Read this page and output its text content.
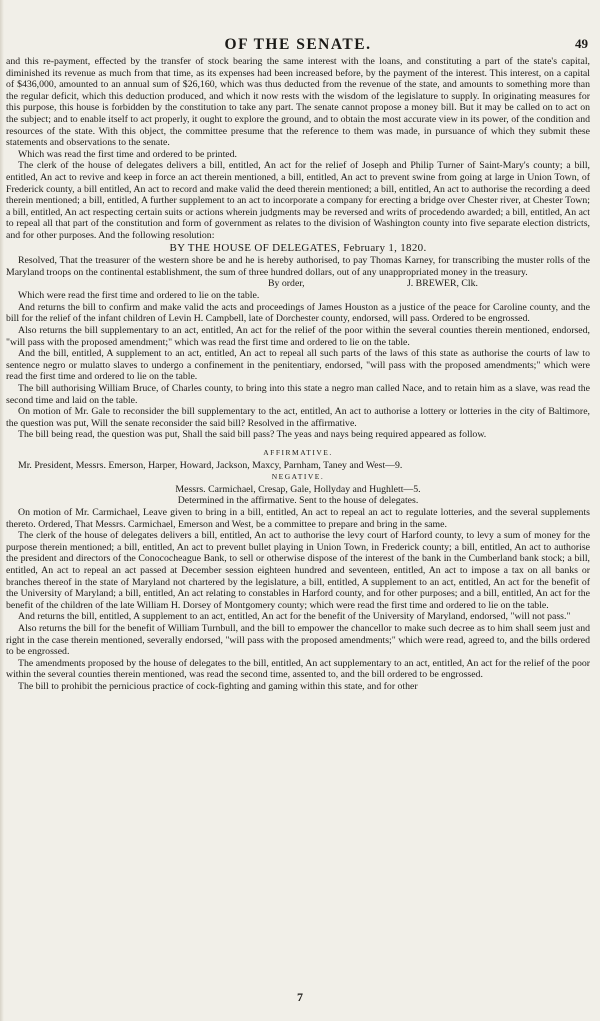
OF THE SENATE.	49

and this re-payment, effected by the transfer of stock bearing the same interest with the loans, and constituting a part of the state's capital, diminished its revenue as much from that time, as its expenses had been increased before, by the payment of the interest. This interest, on a capital of $436,000, amounted to an annual sum of $26,160, which was thus deducted from the revenue of the state, and amounts to something more than the regular deficit, which this deduction produced, and which it now rests with the wisdom of the legislature to supply. In originating measures for this purpose, this house is forbidden by the constitution to take any part. The senate cannot propose a money bill. But it may be called on to act on the subject; and to enable itself to act properly, it ought to explore the ground, and to obtain the most accurate view in its power, of the condition and resources of the state. With this object, the committee presume that the reference to them was made, in pursuance of which they submit these statements and observations to the senate.

Which was read the first time and ordered to be printed.

The clerk of the house of delegates delivers a bill, entitled, An act for the relief of Joseph and Philip Turner of Saint-Mary's county; a bill, entitled, An act to revive and keep in force an act therein mentioned, a bill, entitled, An act to prevent swine from going at large in Union Town, of Frederick county, a bill entitled, An act to record and make valid the deed therein mentioned; a bill, entitled, An act to authorise the recording a deed therein mentioned; a bill, entitled, A further supplement to an act to incorporate a company for erecting a bridge over Chester river, at Chester Town; a bill, entitled, An act respecting certain suits or actions wherein judgments may be reversed and writs of procedendo awarded; a bill, entitled, An act to repeal all that part of the constitution and form of government as relates to the division of Washington county into five separate election districts, and for other purposes. And the following resolution:

BY THE HOUSE OF DELEGATES, February 1, 1820.

Resolved, That the treasurer of the western shore be and he is hereby authorised, to pay Thomas Karney, for transcribing the muster rolls of the Maryland troops on the continental establishment, the sum of three hundred dollars, out of any unappropriated money in the treasury.

By order,	J. BREWER, Clk.

Which were read the first time and ordered to lie on the table.

And returns the bill to confirm and make valid the acts and proceedings of James Houston as a justice of the peace for Caroline county, and the bill for the relief of the infant children of Levin H. Campbell, late of Dorchester county, endorsed, will pass. Ordered to be engrossed.

Also returns the bill supplementary to an act, entitled, An act for the relief of the poor within the several counties therein mentioned, endorsed, "will pass with the proposed amendment;" which was read the first time and ordered to lie on the table.

And the bill, entitled, A supplement to an act, entitled, An act to repeal all such parts of the laws of this state as authorise the courts of law to sentence negro or mulatto slaves to undergo a confinement in the penitentiary, endorsed, "will pass with the proposed amendments;" which were read the first time and ordered to lie on the table.

The bill authorising William Bruce, of Charles county, to bring into this state a negro man called Nace, and to retain him as a slave, was read the second time and laid on the table.

On motion of Mr. Gale to reconsider the bill supplementary to the act, entitled, An act to authorise a lottery or lotteries in the city of Baltimore, the question was put, Will the senate reconsider the said bill? Resolved in the affirmative.

The bill being read, the question was put, Shall the said bill pass? The yeas and nays being required appeared as follow.

AFFIRMATIVE.

Mr. President, Messrs. Emerson, Harper, Howard, Jackson, Maxcy, Parnham, Taney and West—9.

NEGATIVE.
Messrs. Carmichael, Cresap, Gale, Hollyday and Hughlett—5.
Determined in the affirmative. Sent to the house of delegates.

On motion of Mr. Carmichael, Leave given to bring in a bill, entitled, An act to repeal an act to regulate lotteries, and the several supplements thereto. Ordered, That Messrs. Carmichael, Emerson and West, be a committee to prepare and bring in the same.

The clerk of the house of delegates delivers a bill, entitled, An act to authorise the levy court of Harford county, to levy a sum of money for the purpose therein mentioned; a bill, entitled, An act to prevent bullet playing in Union Town, in Frederick county; a bill, entitled, An act to authorise the president and directors of the Conococheague Bank, to sell or otherwise dispose of the interest of the bank in the Cumberland bank stock; a bill, entitled, An act to repeal an act passed at December session eighteen hundred and seventeen, entitled, An act to impose a tax on all banks or branches thereof in the state of Maryland not chartered by the legislature, a bill, entitled, A supplement to an act, entitled, An act for the benefit of the University of Maryland; a bill, entitled, An act relating to constables in Harford county, and for other purposes; and a bill, entitled, An act for the benefit of the children of the late William H. Dorsey of Montgomery county; which were read the first time and ordered to lie on the table.

And returns the bill, entitled, A supplement to an act, entitled, An act for the benefit of the University of Maryland, endorsed, "will not pass."

Also returns the bill for the benefit of William Turnbull, and the bill to empower the chancellor to make such decree as to him shall seem just and right in the case therein mentioned, severally endorsed, "will pass with the proposed amendments;" which were read, agreed to, and the bills ordered to be engrossed.

The amendments proposed by the house of delegates to the bill, entitled, An act supplementary to an act, entitled, An act for the relief of the poor within the several counties therein mentioned, was read the second time, assented to, and the bill ordered to be engrossed.

The bill to prohibit the pernicious practice of cock-fighting and gaming within this state, and for other

7
